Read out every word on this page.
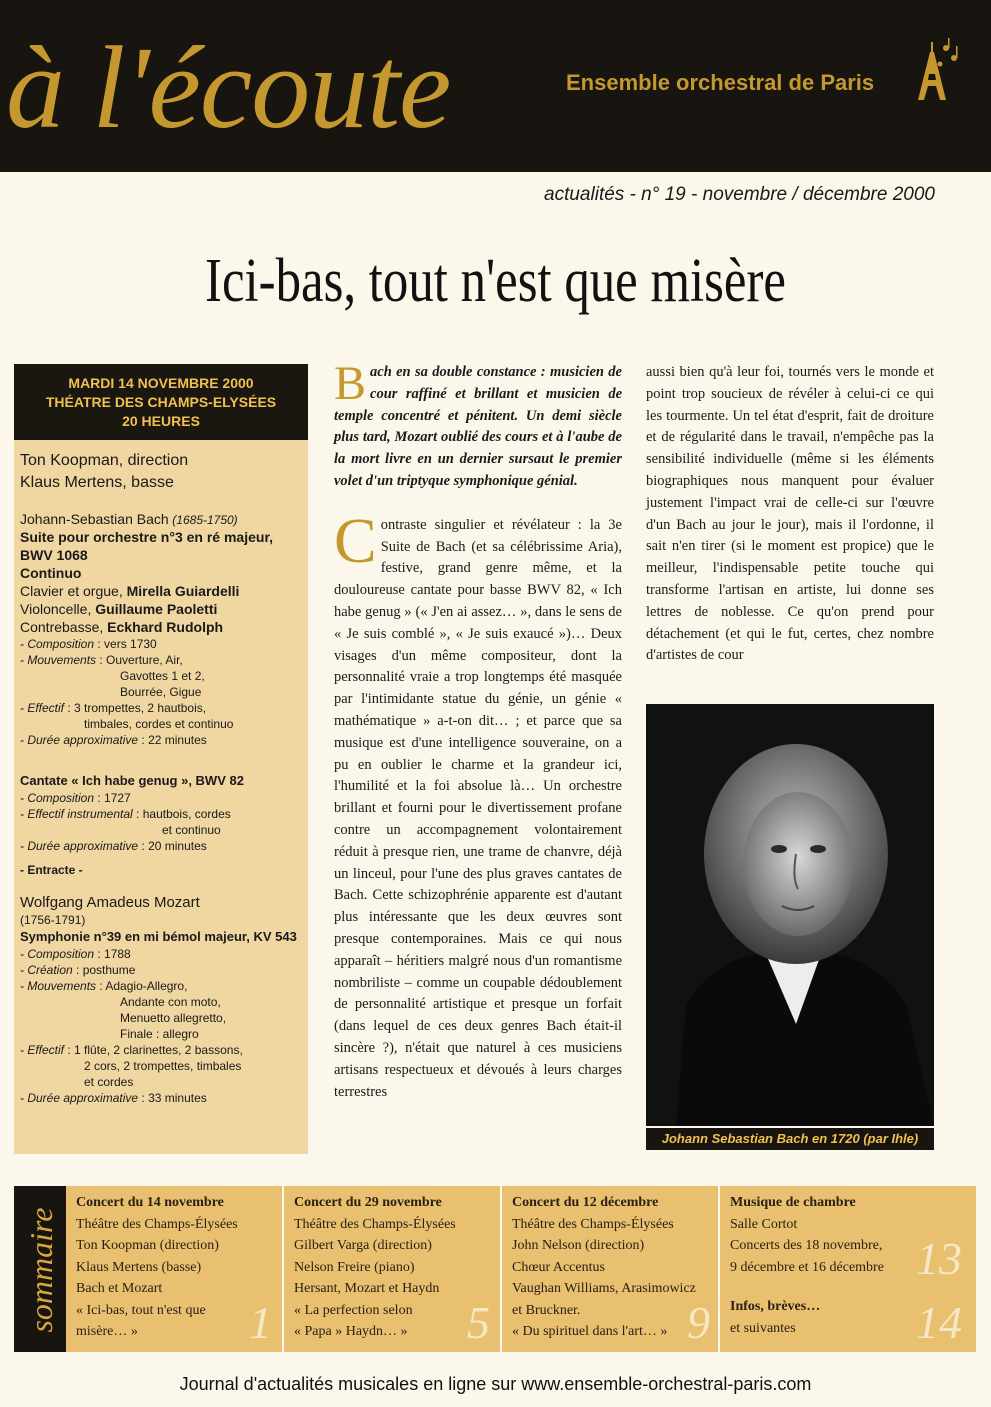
à l'écoute	Ensemble orchestral de Paris
actualités - n° 19 - novembre / décembre 2000
Ici-bas, tout n'est que misère
MARDI 14 NOVEMBRE 2000
THÉATRE DES CHAMPS-ELYSÉES
20 HEURES
Ton Koopman, direction
Klaus Mertens, basse
Johann-Sebastian Bach (1685-1750)
Suite pour orchestre n°3 en ré majeur, BWV 1068
Continuo
Clavier et orgue, Mirella Guiardelli
Violoncelle, Guillaume Paoletti
Contrebasse, Eckhard Rudolph
- Composition : vers 1730
- Mouvements : Ouverture, Air,
Gavottes 1 et 2,
Bourrée, Gigue
- Effectif : 3 trompettes, 2 hautbois,
timbales, cordes et continuo
- Durée approximative : 22 minutes
Cantate « Ich habe genug », BWV 82
- Composition : 1727
- Effectif instrumental : hautbois, cordes
et continuo
- Durée approximative : 20 minutes
- Entracte -
Wolfgang Amadeus Mozart
(1756-1791)
Symphonie n°39 en mi bémol majeur, KV 543
- Composition : 1788
- Création : posthume
- Mouvements : Adagio-Allegro,
Andante con moto,
Menuetto allegretto,
Finale : allegro
- Effectif : 1 flûte, 2 clarinettes, 2 bassons,
2 cors, 2 trompettes, timbales
et cordes
- Durée approximative : 33 minutes
Bach en sa double constance : musicien de cour raffiné et brillant et musicien de temple concentré et pénitent. Un demi siècle plus tard, Mozart oublié des cours et à l'aube de la mort livre en un dernier sursaut le premier volet d'un triptyque symphonique génial.
Contraste singulier et révélateur : la 3e Suite de Bach (et sa célébrissime Aria), festive, grand genre même, et la douloureuse cantate pour basse BWV 82, « Ich habe genug » (« J'en ai assez… », dans le sens de « Je suis comblé », « Je suis exaucé »)… Deux visages d'un même compositeur, dont la personnalité vraie a trop longtemps été masquée par l'intimidante statue du génie, un génie « mathématique » a-t-on dit… ; et parce que sa musique est d'une intelligence souveraine, on a pu en oublier le charme et la grandeur ici, l'humilité et la foi absolue là… Un orchestre brillant et fourni pour le divertissement profane contre un accompagnement volontairement réduit à presque rien, une trame de chanvre, déjà un linceul, pour l'une des plus graves cantates de Bach. Cette schizophrénie apparente est d'autant plus intéressante que les deux œuvres sont presque contemporaines. Mais ce qui nous apparaît – héritiers malgré nous d'un romantisme nombriliste – comme un coupable dédoublement de personnalité artistique et presque un forfait (dans lequel de ces deux genres Bach était-il sincère ?), n'était que naturel à ces musiciens artisans respectueux et dévoués à leurs charges terrestres
aussi bien qu'à leur foi, tournés vers le monde et point trop soucieux de révéler à celui-ci ce qui les tourmente. Un tel état d'esprit, fait de droiture et de régularité dans le travail, n'empêche pas la sensibilité individuelle (même si les éléments biographiques nous manquent pour évaluer justement l'impact vrai de celle-ci sur l'œuvre d'un Bach au jour le jour), mais il l'ordonne, il sait n'en tirer (si le moment est propice) que le meilleur, l'indispensable petite touche qui transforme l'artisan en artiste, lui donne ses lettres de noblesse. Ce qu'on prend pour détachement (et qui le fut, certes, chez nombre d'artistes de cour
Johann Sebastian Bach en 1720 (par Ihle)
sommaire
Concert du 14 novembre
Théâtre des Champs-Élysées
Ton Koopman (direction)
Klaus Mertens (basse)
Bach et Mozart
« Ici-bas, tout n'est que
misère… »	1
Concert du 29 novembre
Théâtre des Champs-Élysées
Gilbert Varga (direction)
Nelson Freire (piano)
Hersant, Mozart et Haydn
« La perfection selon
« Papa » Haydn… »	5
Concert du 12 décembre
Théâtre des Champs-Élysées
John Nelson (direction)
Chœur Accentus
Vaughan Williams, Arasimowicz
et Bruckner.
« Du spirituel dans l'art… » 9
Musique de chambre
Salle Cortot
Concerts des 18 novembre,
9 décembre et 16 décembre 13
Infos, brèves…
et suivantes	14
Journal d'actualités musicales en ligne sur www.ensemble-orchestral-paris.com
